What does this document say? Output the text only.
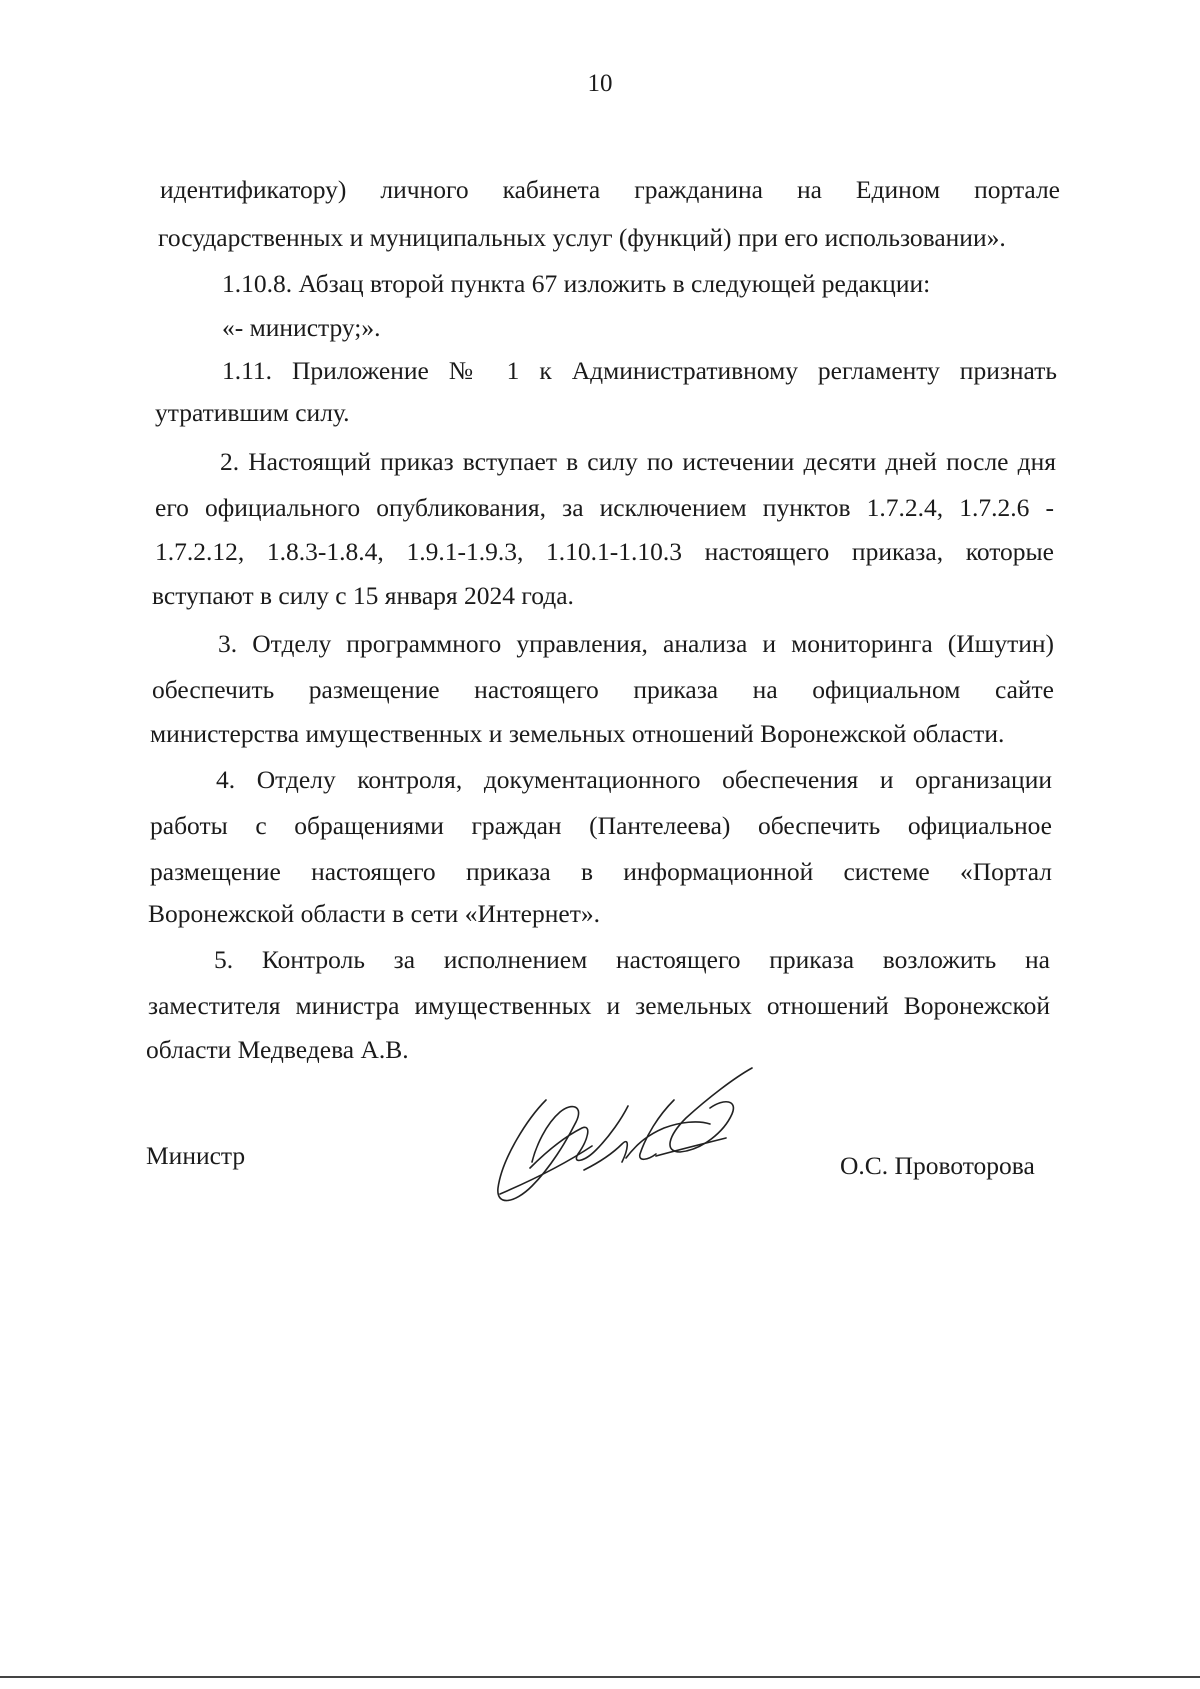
10
идентификатору) личного кабинета гражданина на Едином портале
государственных и муниципальных услуг (функций) при его использовании».
1.10.8. Абзац второй пункта 67 изложить в следующей редакции:
«- министру;».
1.11. Приложение № 1 к Административному регламенту признать
утратившим силу.
2. Настоящий приказ вступает в силу по истечении десяти дней после дня
его официального опубликования, за исключением пунктов 1.7.2.4, 1.7.2.6 -
1.7.2.12, 1.8.3-1.8.4, 1.9.1-1.9.3, 1.10.1-1.10.3 настоящего приказа, которые
вступают в силу с 15 января 2024 года.
3. Отделу программного управления, анализа и мониторинга (Ишутин)
обеспечить размещение настоящего приказа на официальном сайте
министерства имущественных и земельных отношений Воронежской области.
4. Отделу контроля, документационного обеспечения и организации
работы с обращениями граждан (Пантелеева) обеспечить официальное
размещение настоящего приказа в информационной системе «Портал
Воронежской области в сети «Интернет».
5. Контроль за исполнением настоящего приказа возложить на
заместителя министра имущественных и земельных отношений Воронежской
области Медведева А.В.
Министр	О.С. Провоторова
